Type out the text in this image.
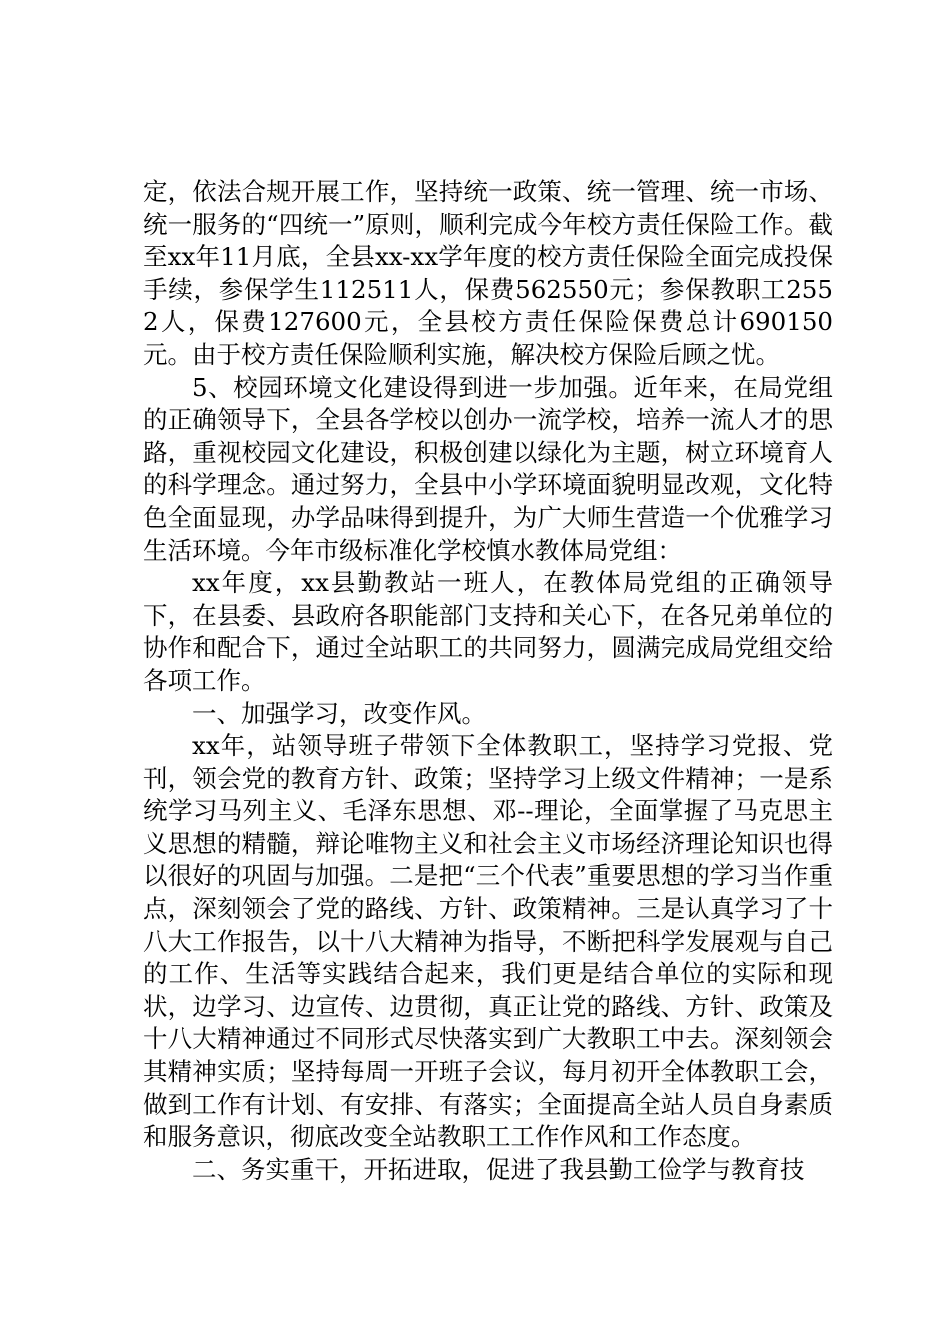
定，依法合规开展工作，坚持统一政策、统一管理、统一市场、统一服务的“四统一”原则，顺利完成今年校方责任保险工作。截至xx年11月底，全县xx-xx学年度的校方责任保险全面完成投保手续，参保学生112511人，保费562550元；参保教职工2552人，保费127600元，全县校方责任保险保费总计690150元。由于校方责任保险顺利实施，解决校方保险后顾之忧。

5、校园环境文化建设得到进一步加强。近年来，在局党组的正确领导下，全县各学校以创办一流学校，培养一流人才的思路，重视校园文化建设，积极创建以绿化为主题，树立环境育人的科学理念。通过努力，全县中小学环境面貌明显改观，文化特色全面显现，办学品味得到提升，为广大师生营造一个优雅学习生活环境。今年市级标准化学校慎水教体局党组：

xx年度，xx县勤教站一班人，在教体局党组的正确领导下，在县委、县政府各职能部门支持和关心下，在各兄弟单位的协作和配合下，通过全站职工的共同努力，圆满完成局党组交给各项工作。

一、加强学习，改变作风。

xx年，站领导班子带领下全体教职工，坚持学习党报、党刊，领会党的教育方针、政策；坚持学习上级文件精神；一是系统学习马列主义、毛泽东思想、邓--理论，全面掌握了马克思主义思想的精髓，辩论唯物主义和社会主义市场经济理论知识也得以很好的巩固与加强。二是把“三个代表”重要思想的学习当作重点，深刻领会了党的路线、方针、政策精神。三是认真学习了十八大工作报告，以十八大精神为指导，不断把科学发展观与自己的工作、生活等实践结合起来，我们更是结合单位的实际和现状，边学习、边宣传、边贯彻，真正让党的路线、方针、政策及十八大精神通过不同形式尽快落实到广大教职工中去。深刻领会其精神实质；坚持每周一开班子会议，每月初开全体教职工会，做到工作有计划、有安排、有落实；全面提高全站人员自身素质和服务意识，彻底改变全站教职工工作作风和工作态度。

二、务实重干，开拓进取，促进了我县勤工俭学与教育技
